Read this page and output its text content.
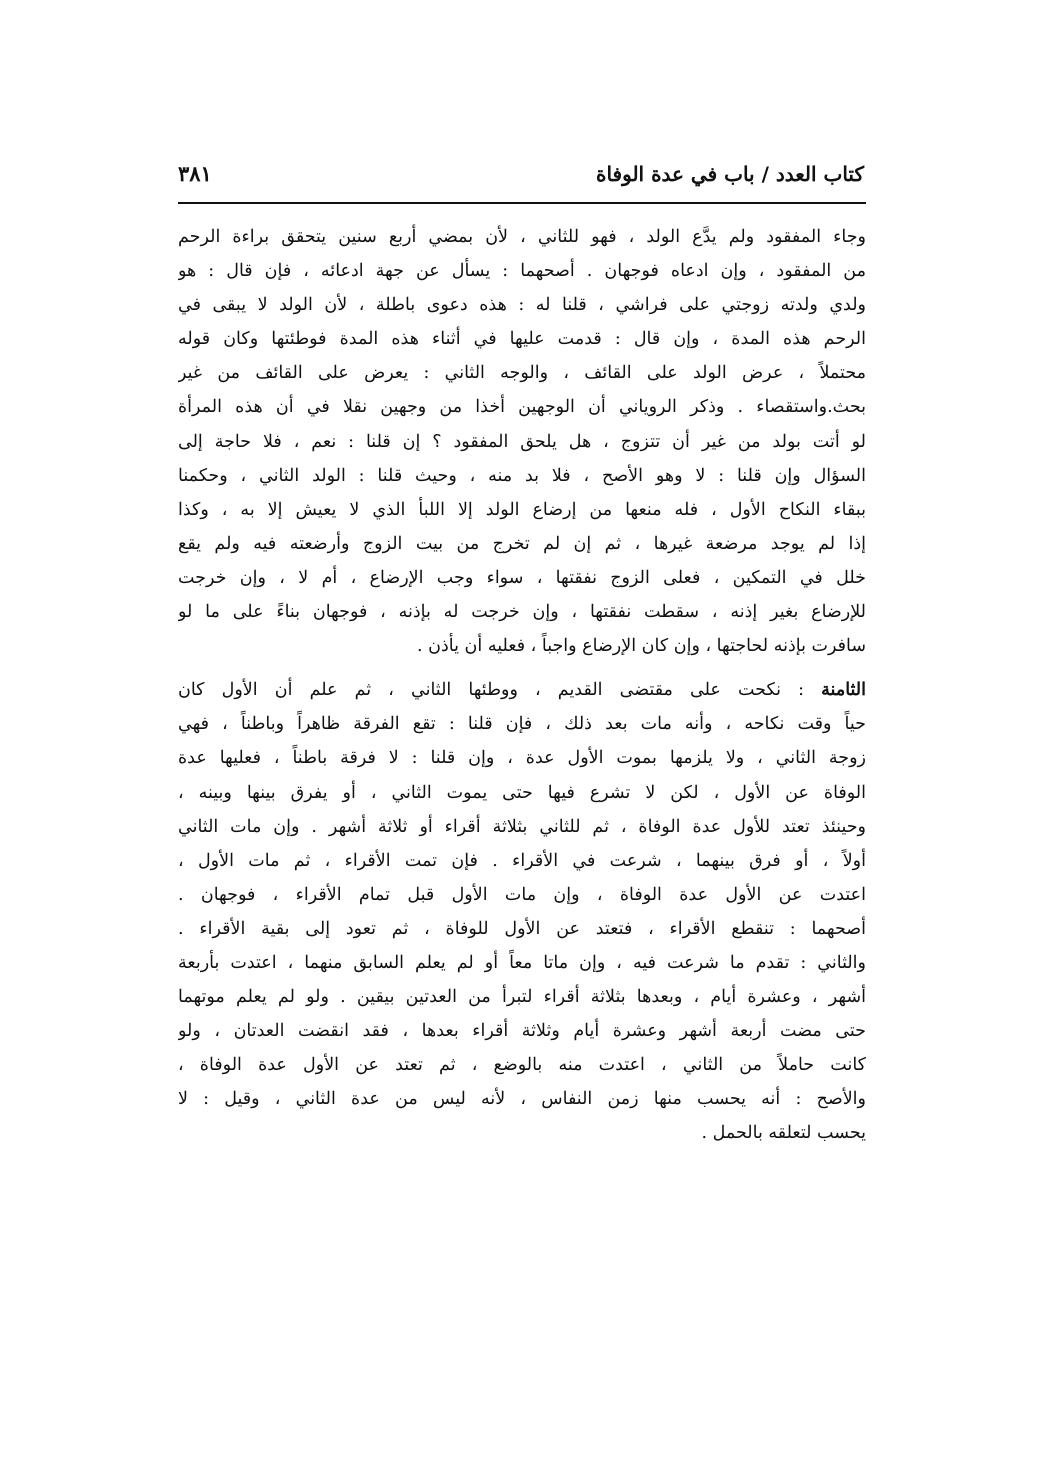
كتاب العدد / باب في عدة الوفاة
٣٨١
وجاء المفقود ولم يدَّع الولد ، فهو للثاني ، لأن بمضي أربع سنين يتحقق براءة الرحم
من المفقود ، وإن ادعاه فوجهان . أصحهما : يسأل عن جهة ادعائه ، فإن قال : هو
ولدي ولدته زوجتي على فراشي ، قلنا له : هذه دعوى باطلة ، لأن الولد لا يبقى في
الرحم هذه المدة ، وإن قال : قدمت عليها في أثناء هذه المدة فوطئتها وكان قوله
محتملاً ، عرض الولد على القائف ، والوجه الثاني : يعرض على القائف من غير
بحث.واستقصاء . وذكر الروياني أن الوجهين أخذا من وجهين نقلا في أن هذه المرأة
لو أتت بولد من غير أن تتزوج ، هل يلحق المفقود ؟ إن قلنا : نعم ، فلا حاجة إلى
السؤال وإن قلنا : لا وهو الأصح ، فلا بد منه ، وحيث قلنا : الولد الثاني ، وحكمنا
ببقاء النكاح الأول ، فله منعها من إرضاع الولد إلا اللبأ الذي لا يعيش إلا به ، وكذا
إذا لم يوجد مرضعة غيرها ، ثم إن لم تخرج من بيت الزوج وأرضعته فيه ولم يقع
خلل في التمكين ، فعلى الزوج نفقتها ، سواء وجب الإرضاع ، أم لا ، وإن خرجت
للإرضاع بغير إذنه ، سقطت نفقتها ، وإن خرجت له بإذنه ، فوجهان بناءً على ما لو
سافرت بإذنه لحاجتها ، وإن كان الإرضاع واجباً ، فعليه أن يأذن .
الثامنة : نكحت على مقتضى القديم ، ووطئها الثاني ، ثم علم أن الأول كان
حياً وقت نكاحه ، وأنه مات بعد ذلك ، فإن قلنا : تقع الفرقة ظاهراً وباطناً ، فهي
زوجة الثاني ، ولا يلزمها بموت الأول عدة ، وإن قلنا : لا فرقة باطناً ، فعليها عدة
الوفاة عن الأول ، لكن لا تشرع فيها حتى يموت الثاني ، أو يفرق بينها وبينه ،
وحينئذ تعتد للأول عدة الوفاة ، ثم للثاني بثلاثة أقراء أو ثلاثة أشهر . وإن مات الثاني
أولاً ، أو فرق بينهما ، شرعت في الأقراء . فإن تمت الأقراء ، ثم مات الأول ،
اعتدت عن الأول عدة الوفاة ، وإن مات الأول قبل تمام الأقراء ، فوجهان .
أصحهما : تنقطع الأقراء ، فتعتد عن الأول للوفاة ، ثم تعود إلى بقية الأقراء .
والثاني : تقدم ما شرعت فيه ، وإن ماتا معاً أو لم يعلم السابق منهما ، اعتدت بأربعة
أشهر ، وعشرة أيام ، وبعدها بثلاثة أقراء لتبرأ من العدتين بيقين . ولو لم يعلم موتهما
حتى مضت أربعة أشهر وعشرة أيام وثلاثة أقراء بعدها ، فقد انقضت العدتان ، ولو
كانت حاملاً من الثاني ، اعتدت منه بالوضع ، ثم تعتد عن الأول عدة الوفاة ،
والأصح : أنه يحسب منها زمن النفاس ، لأنه ليس من عدة الثاني ، وقيل : لا
يحسب لتعلقه بالحمل .
